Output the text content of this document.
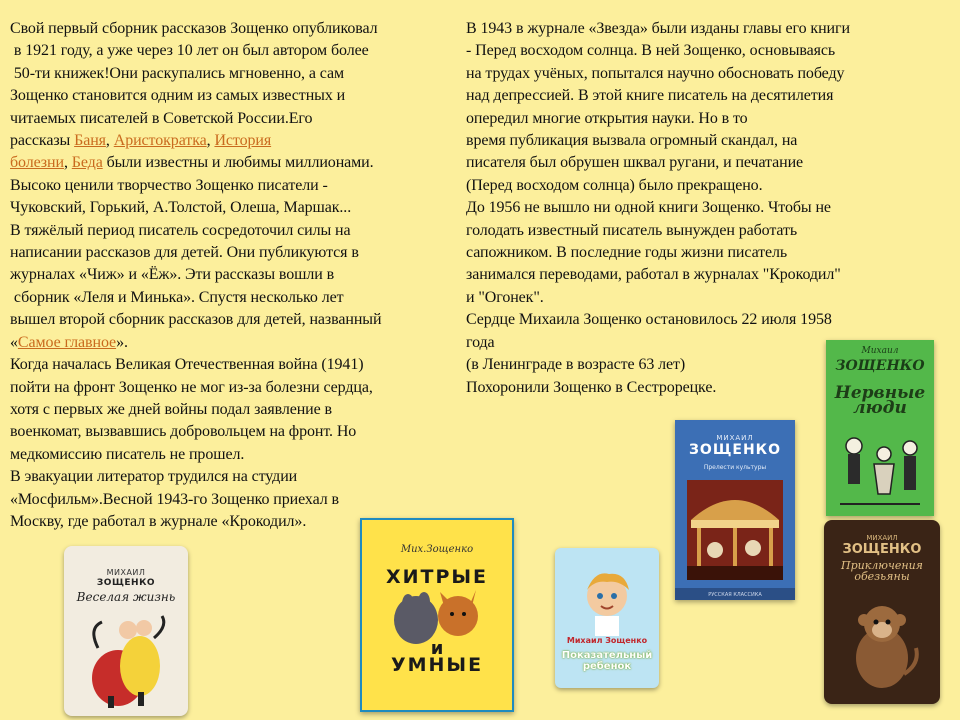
Свой первый сборник рассказов Зощенко опубликовал
в 1921 году, а уже через 10 лет он был автором более
50-ти книжек!Они раскупались мгновенно, а сам
Зощенко становится одним из самых известных и
читаемых писателей в Советской России.Его
рассказы Баня, Аристократка, История
болезни, Беда были известны и любимы миллионами.
Высоко ценили творчество Зощенко писатели -
Чуковский, Горький, А.Толстой, Олеша, Маршак...
В тяжёлый период писатель сосредоточил силы на
написании рассказов для детей. Они публикуются в
журналах «Чиж» и «Ёж». Эти рассказы вошли в
сборник «Леля и Минька». Спустя несколько лет
вышел второй сборник рассказов для детей, названный
«Самое главное».
Когда началась Великая Отечественная война (1941)
пойти на фронт Зощенко не мог из-за болезни сердца,
хотя с первых же дней войны подал заявление в
военкомат, вызвавшись добровольцем на фронт. Но
медкомиссию писатель не прошел.
В эвакуации литератор трудился на студии
«Мосфильм».Весной 1943-го Зощенко приехал в
Москву, где работал в журнале «Крокодил».
В 1943 в журнале «Звезда» были изданы главы его книги
- Перед восходом солнца. В ней Зощенко, основываясь
на трудах учёных, попытался научно обосновать победу
над депрессией. В этой книге писатель на десятилетия
опередил многие открытия науки. Но в то
время публикация вызвала огромный скандал, на
писателя был обрушен шквал ругани, и печатание
(Перед восходом солнца) было прекращено.
До 1956 не вышло ни одной книги Зощенко. Чтобы не
голодать известный писатель вынужден работать
сапожником. В последние годы жизни писатель
занимался переводами, работал в журналах "Крокодил"
и "Огонек".
Сердце Михаила Зощенко остановилось 22 июля 1958
года
(в Ленинграде в возрасте 63 лет)
Похоронили Зощенко в Сестрорецке.
МИХАИЛ
ЗОЩЕНКО
Веселая жизнь
Мих.Зощенко
ХИТРЫЕ
и
УМНЫЕ
Михаил Зощенко
Показательный ребенок
МИХАИЛ
ЗОЩЕНКО
Прелести культуры
РУССКАЯ КЛАССИКА
Михаил
ЗОЩЕНКО
Нервные люди
МИХАИЛ
ЗОЩЕНКО
Приключения обезьяны
